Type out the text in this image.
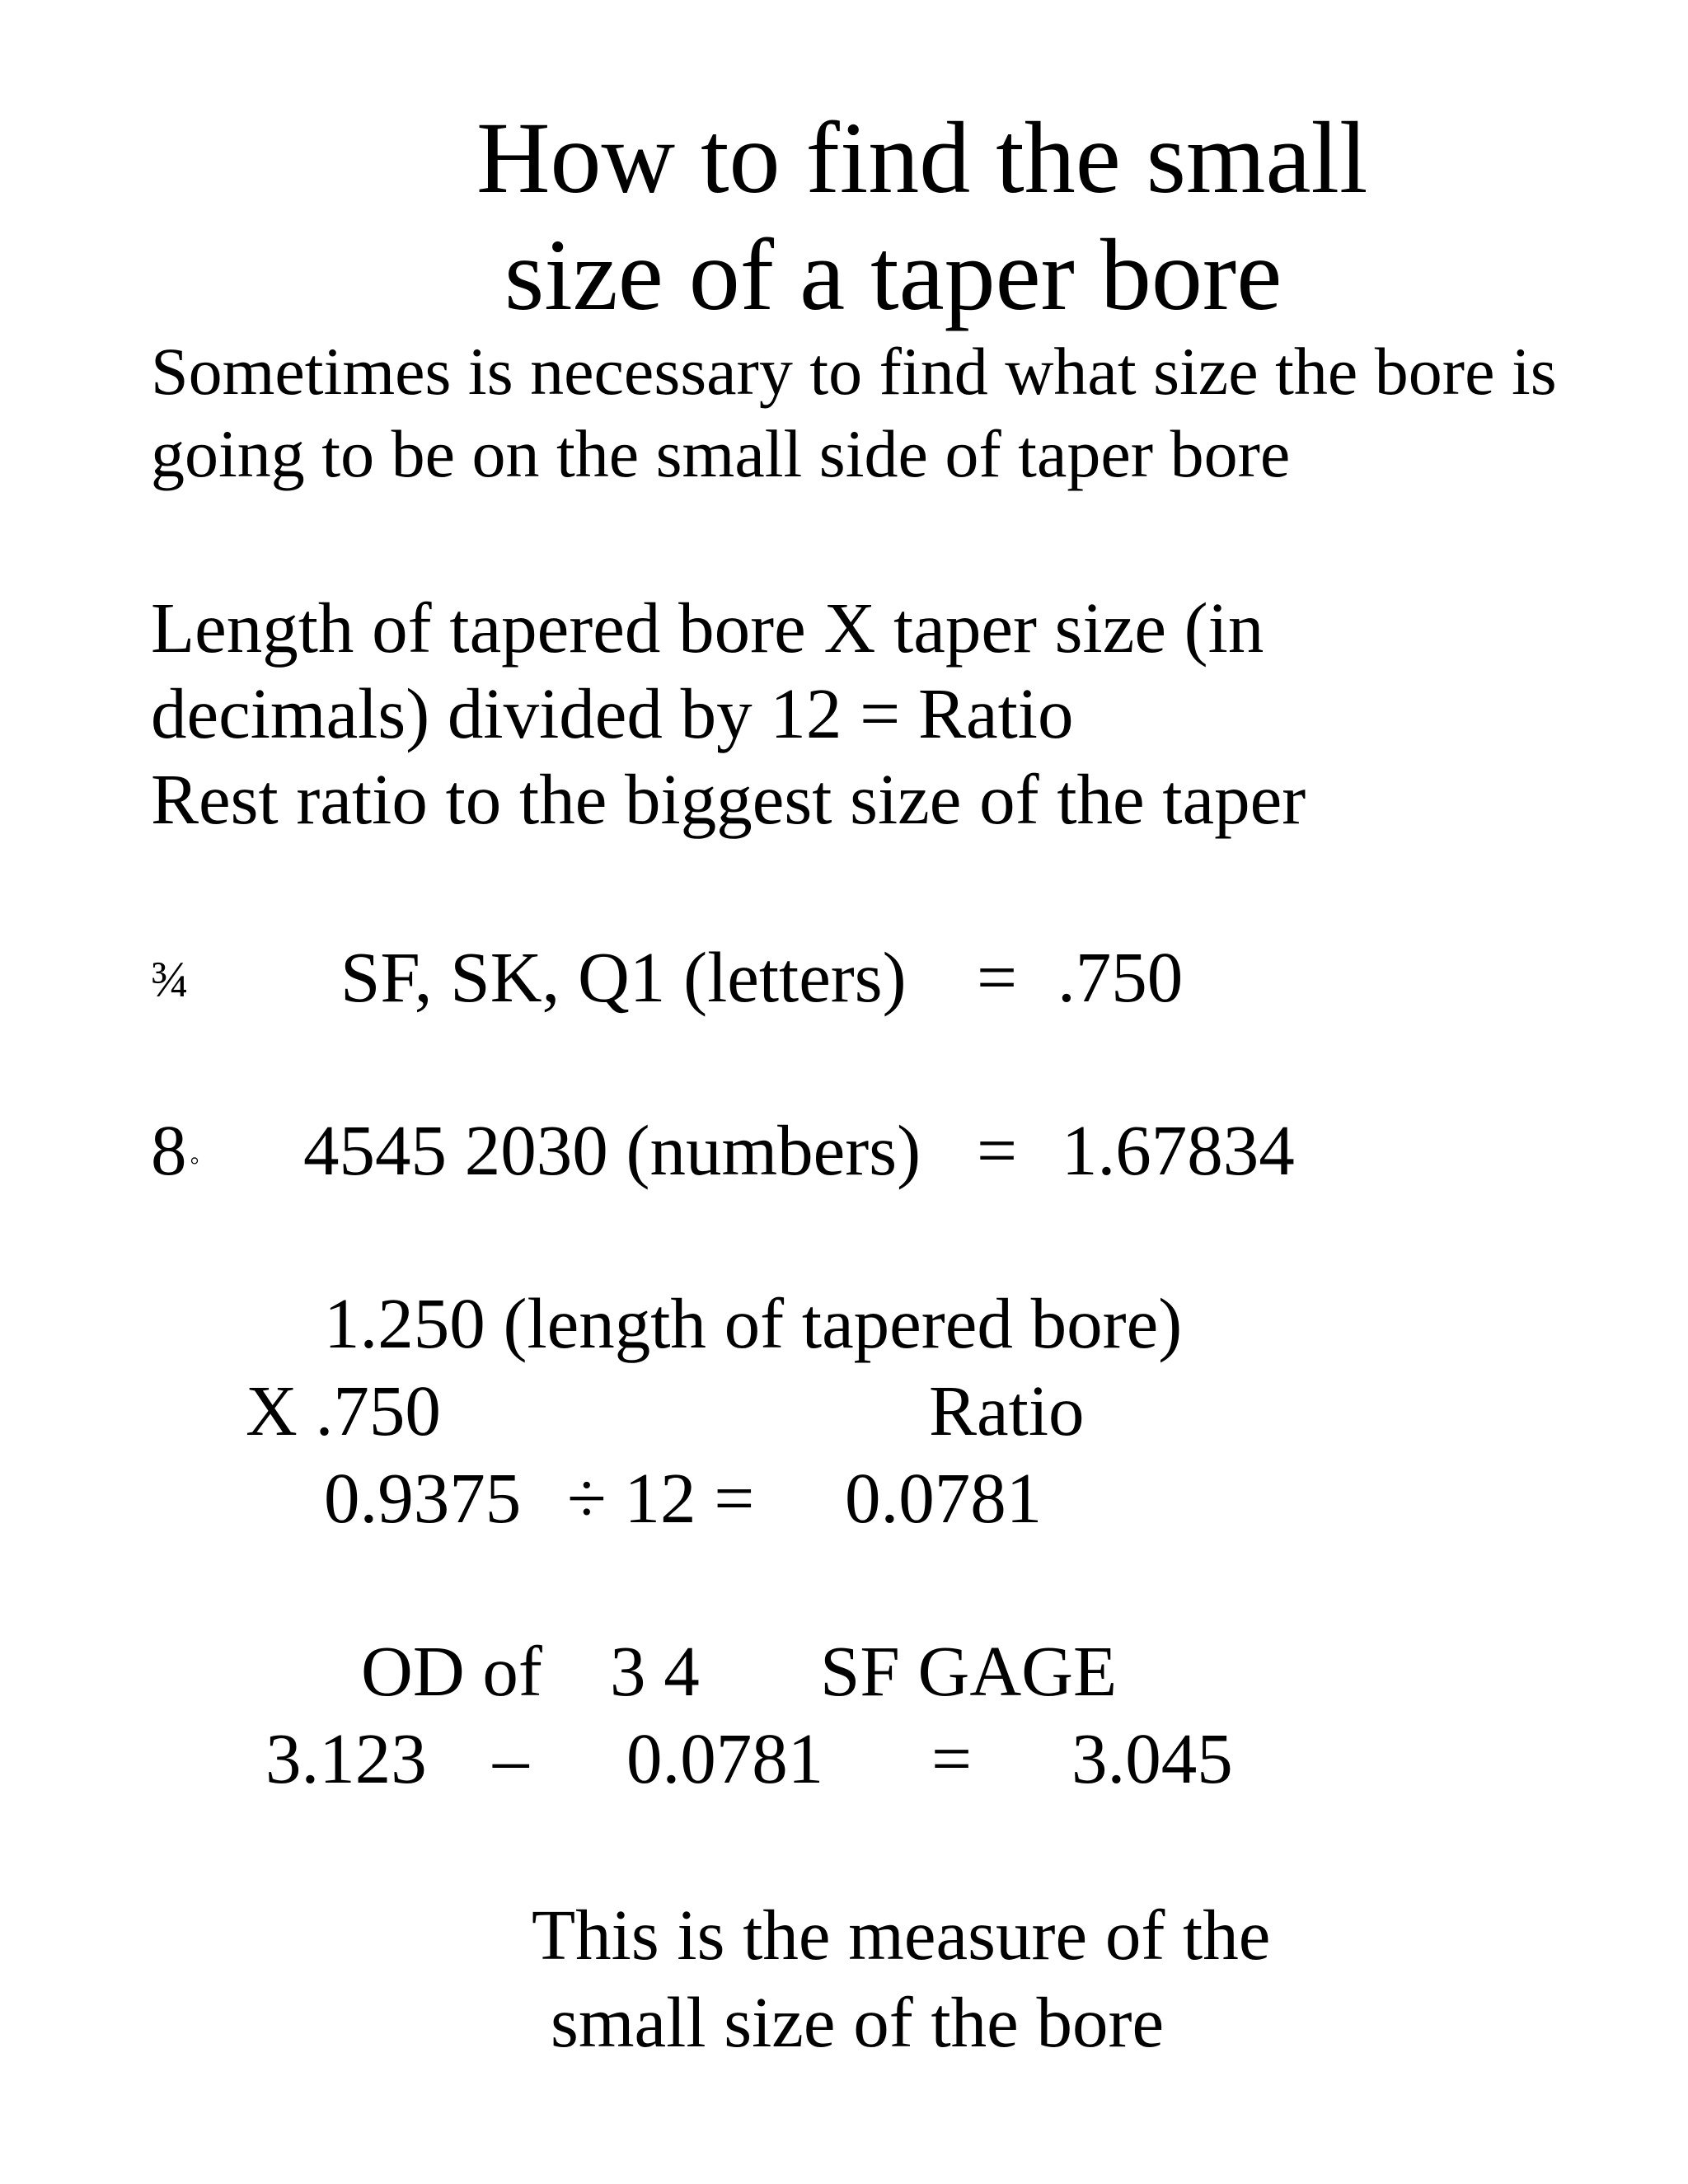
How to find the small
size of a taper bore
Sometimes is necessary to find what size the bore is
going to be on the small side of taper bore
Length of tapered bore X taper size (in
decimals) divided by 12 = Ratio
Rest ratio to the biggest size of the taper
¾ SF, SK, Q1 (letters) = .750
8 ◦ 4545 2030 (numbers) = 1.67834
1.250 (length of tapered bore)
X .750	Ratio
0.9375 ÷ 12 = 0.0781
OD of 3 4 SF GAGE
3.123 – 0.0781 = 3.045
This is the measure of the
small size of the bore
